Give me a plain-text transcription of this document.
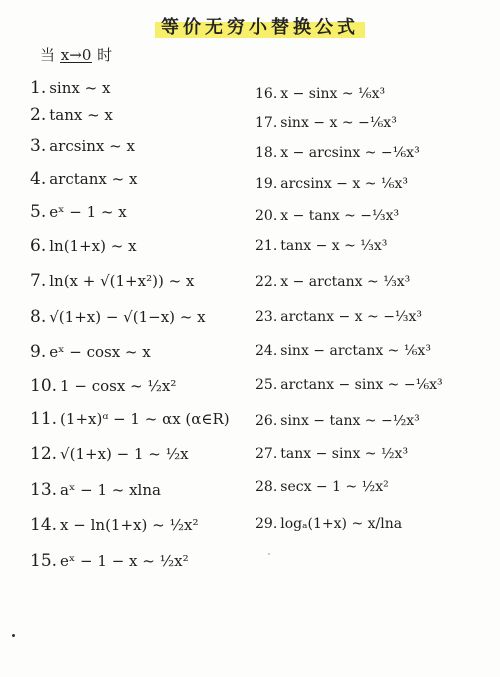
等价无穷小替换公式
当 x→0 时
1. sinx ~ x
2. tanx ~ x
3. arcsinx ~ x
4. arctanx ~ x
5. eˣ − 1 ~ x
6. ln(1+x) ~ x
7. ln(x + √(1+x²)) ~ x
8. √(1+x) − √(1−x) ~ x
9. eˣ − cosx ~ x
10. 1 − cosx ~ ½x²
11. (1+x)ᵅ − 1 ~ αx (α∈R)
12. √(1+x) − 1 ~ ½x
13. aˣ − 1 ~ xlna
14. x − ln(1+x) ~ ½x²
15. eˣ − 1 − x ~ ½x²
16. x − sinx ~ ⅙x³
17. sinx − x ~ −⅙x³
18. x − arcsinx ~ −⅙x³
19. arcsinx − x ~ ⅙x³
20. x − tanx ~ −⅓x³
21. tanx − x ~ ⅓x³
22. x − arctanx ~ ⅓x³
23. arctanx − x ~ −⅓x³
24. sinx − arctanx ~ ⅙x³
25. arctanx − sinx ~ −⅙x³
26. sinx − tanx ~ −½x³
27. tanx − sinx ~ ½x³
28. secx − 1 ~ ½x²
29. logₐ(1+x) ~ x/lna
